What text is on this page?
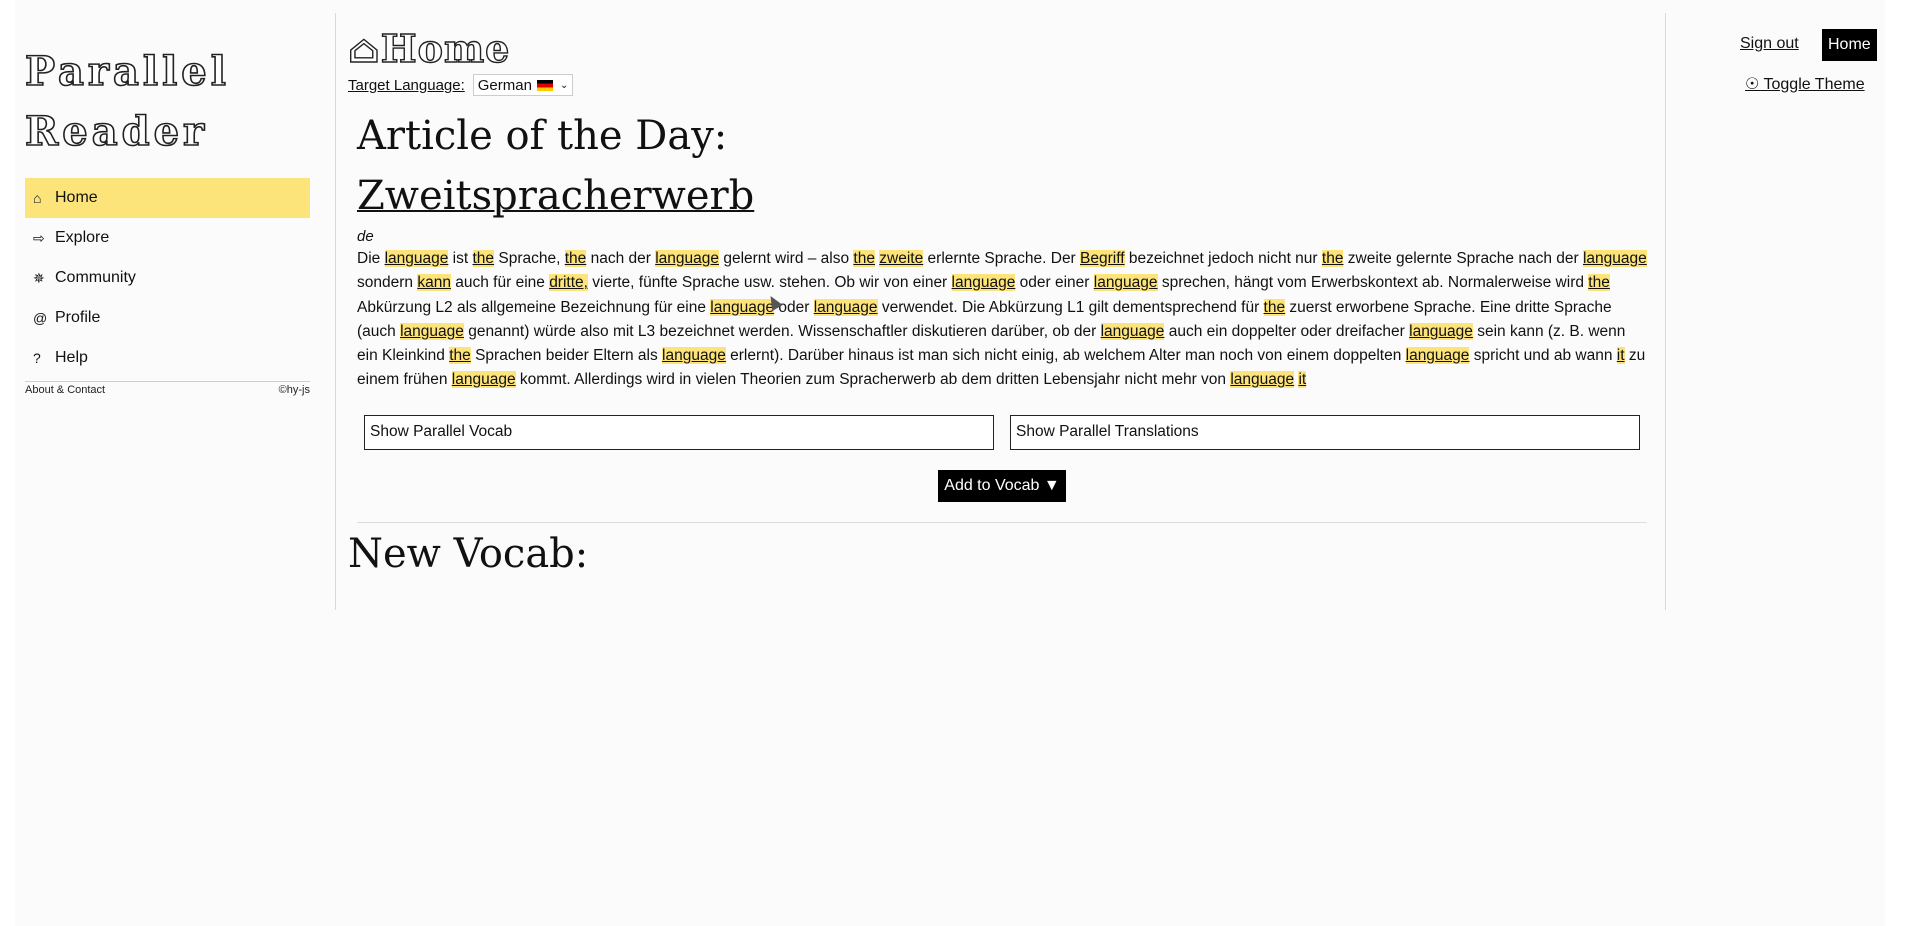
Parallel
Reader
⌂ Home
⇨ Explore
✵ Community
@ Profile
? Help
About & Contact	©hy-js
⌂Home
Target Language: German	⌄
Article of the Day:
Zweitspracherwerb
de
Die language ist the Sprache, the nach der language gelernt wird – also the zweite erlernte Sprache. Der Begriff bezeichnet jedoch nicht nur the zweite gelernte Sprache nach der language sondern kann auch für eine dritte, vierte, fünfte Sprache usw. stehen. Ob wir von einer language oder einer language sprechen, hängt vom Erwerbskontext ab. Normalerweise wird the Abkürzung L2 als allgemeine Bezeichnung für eine language oder language verwendet. Die Abkürzung L1 gilt dementsprechend für the zuerst erworbene Sprache. Eine dritte Sprache (auch language genannt) würde also mit L3 bezeichnet werden. Wissenschaftler diskutieren darüber, ob der language auch ein doppelter oder dreifacher language sein kann (z. B. wenn ein Kleinkind the Sprachen beider Eltern als language erlernt). Darüber hinaus ist man sich nicht einig, ab welchem Alter man noch von einem doppelten language spricht und ab wann it zu einem frühen language kommt. Allerdings wird in vielen Theorien zum Spracherwerb ab dem dritten Lebensjahr nicht mehr von language it
Show Parallel Vocab	Show Parallel Translations
Add to Vocab ▼
New Vocab:
Sign out	Home
☉ Toggle Theme
